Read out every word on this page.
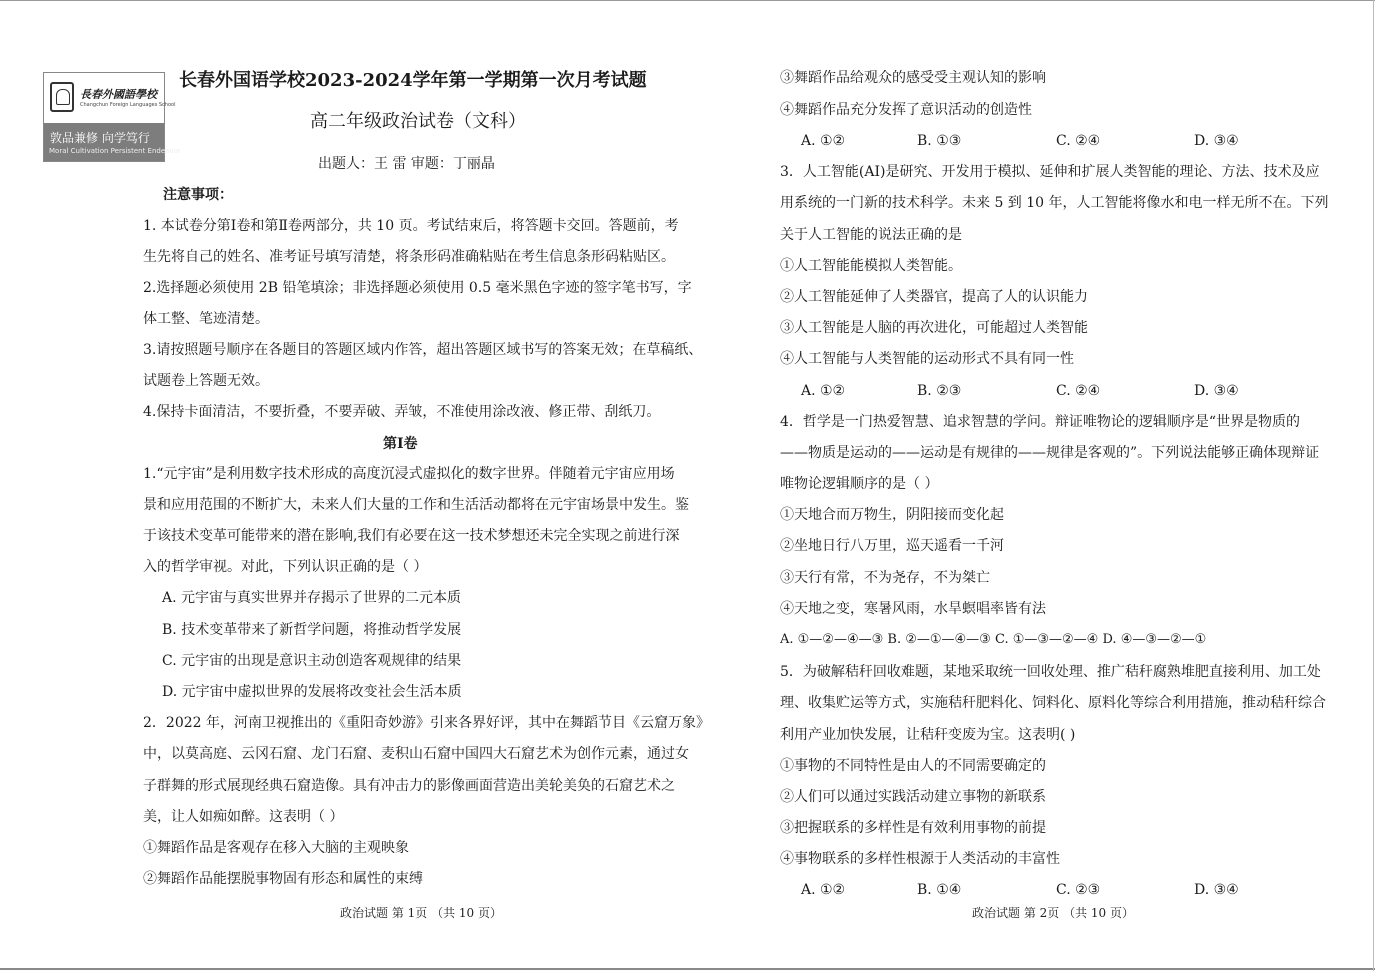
長春外國語學校
Changchun Foreign Languages School
敦品兼修 向学笃行
Moral Cultivation Persistent Endeavor
长春外国语学校2023-2024学年第一学期第一次月考试题
高二年级政治试卷（文科）
出题人：王 雷 审题：丁丽晶
注意事项：
1. 本试卷分第Ⅰ卷和第Ⅱ卷两部分，共 10 页。考试结束后，将答题卡交回。答题前，考
生先将自己的姓名、准考证号填写清楚，将条形码准确粘贴在考生信息条形码粘贴区。
2.选择题必须使用 2B 铅笔填涂；非选择题必须使用 0.5 毫米黑色字迹的签字笔书写，字
体工整、笔迹清楚。
3.请按照题号顺序在各题目的答题区域内作答，超出答题区域书写的答案无效；在草稿纸、
试题卷上答题无效。
4.保持卡面清洁，不要折叠，不要弄破、弄皱，不准使用涂改液、修正带、刮纸刀。
第Ⅰ卷
1.“元宇宙”是利用数字技术形成的高度沉浸式虚拟化的数字世界。伴随着元宇宙应用场
景和应用范围的不断扩大，未来人们大量的工作和生活活动都将在元宇宙场景中发生。鉴
于该技术变革可能带来的潜在影响,我们有必要在这一技术梦想还未完全实现之前进行深
入的哲学审视。对此，下列认识正确的是（ ）
A. 元宇宙与真实世界并存揭示了世界的二元本质
B. 技术变革带来了新哲学问题，将推动哲学发展
C. 元宇宙的出现是意识主动创造客观规律的结果
D. 元宇宙中虚拟世界的发展将改变社会生活本质
2．2022 年，河南卫视推出的《重阳奇妙游》引来各界好评，其中在舞蹈节目《云窟万象》
中，以莫高庭、云冈石窟、龙门石窟、麦积山石窟中国四大石窟艺术为创作元素，通过女
子群舞的形式展现经典石窟造像。具有冲击力的影像画面营造出美轮美奂的石窟艺术之
美，让人如痴如醉。这表明（ ）
①舞蹈作品是客观存在移入大脑的主观映象
②舞蹈作品能摆脱事物固有形态和属性的束缚
政治试题 第 1页 （共 10 页）
③舞蹈作品给观众的感受受主观认知的影响
④舞蹈作品充分发挥了意识活动的创造性
A. ①②	B. ①③	C. ②④	D. ③④
3．人工智能(AI)是研究、开发用于模拟、延伸和扩展人类智能的理论、方法、技术及应
用系统的一门新的技术科学。未来 5 到 10 年，人工智能将像水和电一样无所不在。下列
关于人工智能的说法正确的是
①人工智能能模拟人类智能。
②人工智能延伸了人类器官，提高了人的认识能力
③人工智能是人脑的再次进化，可能超过人类智能
④人工智能与人类智能的运动形式不具有同一性
A. ①②	B. ②③	C. ②④	D. ③④
4．哲学是一门热爱智慧、追求智慧的学问。辩证唯物论的逻辑顺序是“世界是物质的
——物质是运动的——运动是有规律的——规律是客观的”。下列说法能够正确体现辩证
唯物论逻辑顺序的是（ ）
①天地合而万物生，阴阳接而变化起
②坐地日行八万里，巡天遥看一千河
③天行有常，不为尧存，不为桀亡
④天地之变，寒暑风雨，水旱螟唱率皆有法
A. ①—②—④—③ B. ②—①—④—③ C. ①—③—②—④ D. ④—③—②—①
5．为破解秸秆回收难题，某地采取统一回收处理、推广秸秆腐熟堆肥直接利用、加工处
理、收集贮运等方式，实施秸秆肥料化、饲料化、原料化等综合利用措施，推动秸秆综合
利用产业加快发展，让秸秆变废为宝。这表明( )
①事物的不同特性是由人的不同需要确定的
②人们可以通过实践活动建立事物的新联系
③把握联系的多样性是有效利用事物的前提
④事物联系的多样性根源于人类活动的丰富性
A. ①②	B. ①④	C. ②③	D. ③④
政治试题 第 2页 （共 10 页）
